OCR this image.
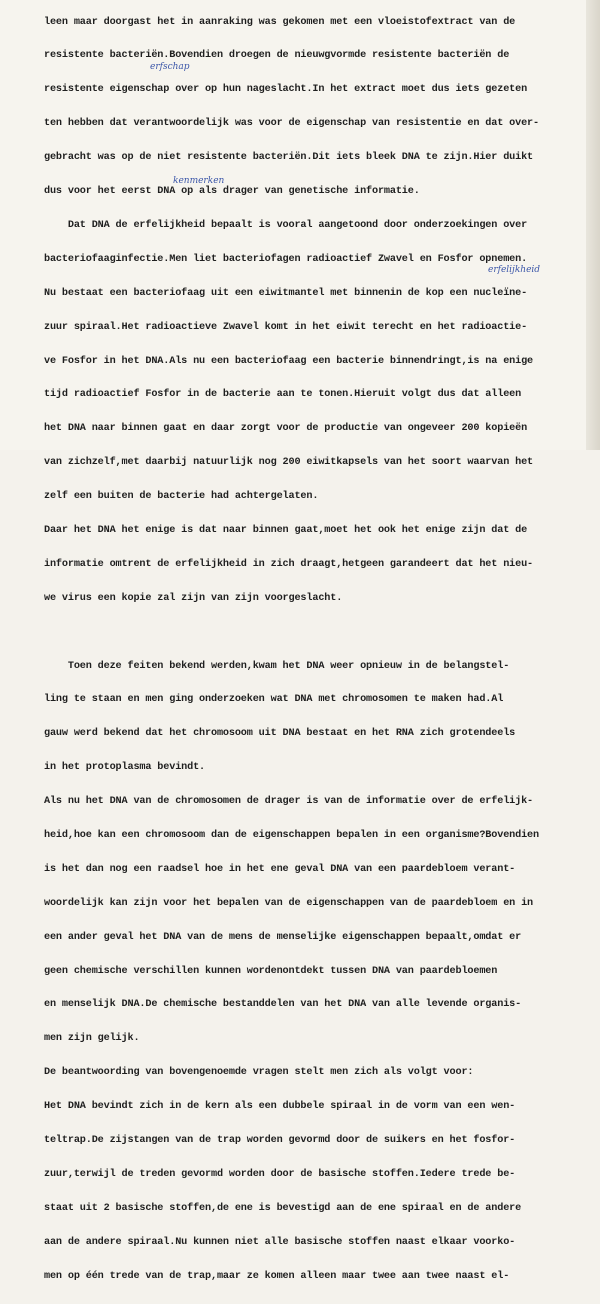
leen maar doorgast het in aanraking was gekomen met een vloeistofextract van de

resistente bacteriën.Bovendien droegen de nieuwgvormde resistente bacteriën de

resistente eigenschap over op hun nageslacht.In het extract moet dus iets gezeten

ten hebben dat verantwoordelijk was voor de eigenschap van resistentie en dat over-

gebracht was op de niet resistente bacteriën.Dit iets bleek DNA te zijn.Hier duikt

dus voor het eerst DNA op als drager van genetische informatie.

Dat DNA de erfelijkheid bepaalt is vooral aangetoond door onderzoekingen over

bacteriofaaginfectie.Men liet bacteriofagen radioactief Zwavel en Fosfor opnemen.

Nu bestaat een bacteriofaag uit een eiwitmantel met binnenin de kop een nucleïne-

zuur spiraal.Het radioactieve Zwavel komt in het eiwit terecht en het radioactie-

ve Fosfor in het DNA.Als nu een bacteriofaag een bacterie binnendringt,is na enige

tijd radioactief Fosfor in de bacterie aan te tonen.Hieruit volgt dus dat alleen

het DNA naar binnen gaat en daar zorgt voor de productie van ongeveer 200 kopieën

van zichzelf,met daarbij natuurlijk nog 200 eiwitkapsels van het soort waarvan het

zelf een buiten de bacterie had achtergelaten.

Daar het DNA het enige is dat naar binnen gaat,moet het ook het enige zijn dat de

informatie omtrent de erfelijkheid in zich draagt,hetgeen garandeert dat het nieu-

we virus een kopie zal zijn van zijn voorgeslacht.

Toen deze feiten bekend werden,kwam het DNA weer opnieuw in de belangstel-

ling te staan en men ging onderzoeken wat DNA met chromosomen te maken had.Al

gauw werd bekend dat het chromosoom uit DNA bestaat en het RNA zich grotendeels

in het protoplasma bevindt.

Als nu het DNA van de chromosomen de drager is van de informatie over de erfelijk-

heid,hoe kan een chromosoom dan de eigenschappen bepalen in een organisme?Bovendien

is het dan nog een raadsel hoe in het ene geval DNA van een paardebloem verant-

woordelijk kan zijn voor het bepalen van de eigenschappen van de paardebloem en in

een ander geval het DNA van de mens de menselijke eigenschappen bepaalt,omdat er

geen chemische verschillen kunnen wordenontdekt tussen DNA van paardebloemen

en menselijk DNA.De chemische bestanddelen van het DNA van alle levende organis-

men zijn gelijk.

De beantwoording van bovengenoemde vragen stelt men zich als volgt voor:

Het DNA bevindt zich in de kern als een dubbele spiraal in de vorm van een wen-

teltrap.De zijstangen van de trap worden gevormd door de suikers en het fosfor-

zuur,terwijl de treden gevormd worden door de basische stoffen.Iedere trede be-

staat uit 2 basische stoffen,de ene is bevestigd aan de ene spiraal en de andere

aan de andere spiraal.Nu kunnen niet alle basische stoffen naast elkaar voorko-

men op één trede van de trap,maar ze komen alleen maar twee aan twee naast el-

erfschap
kenmerken
erfelijkheid
